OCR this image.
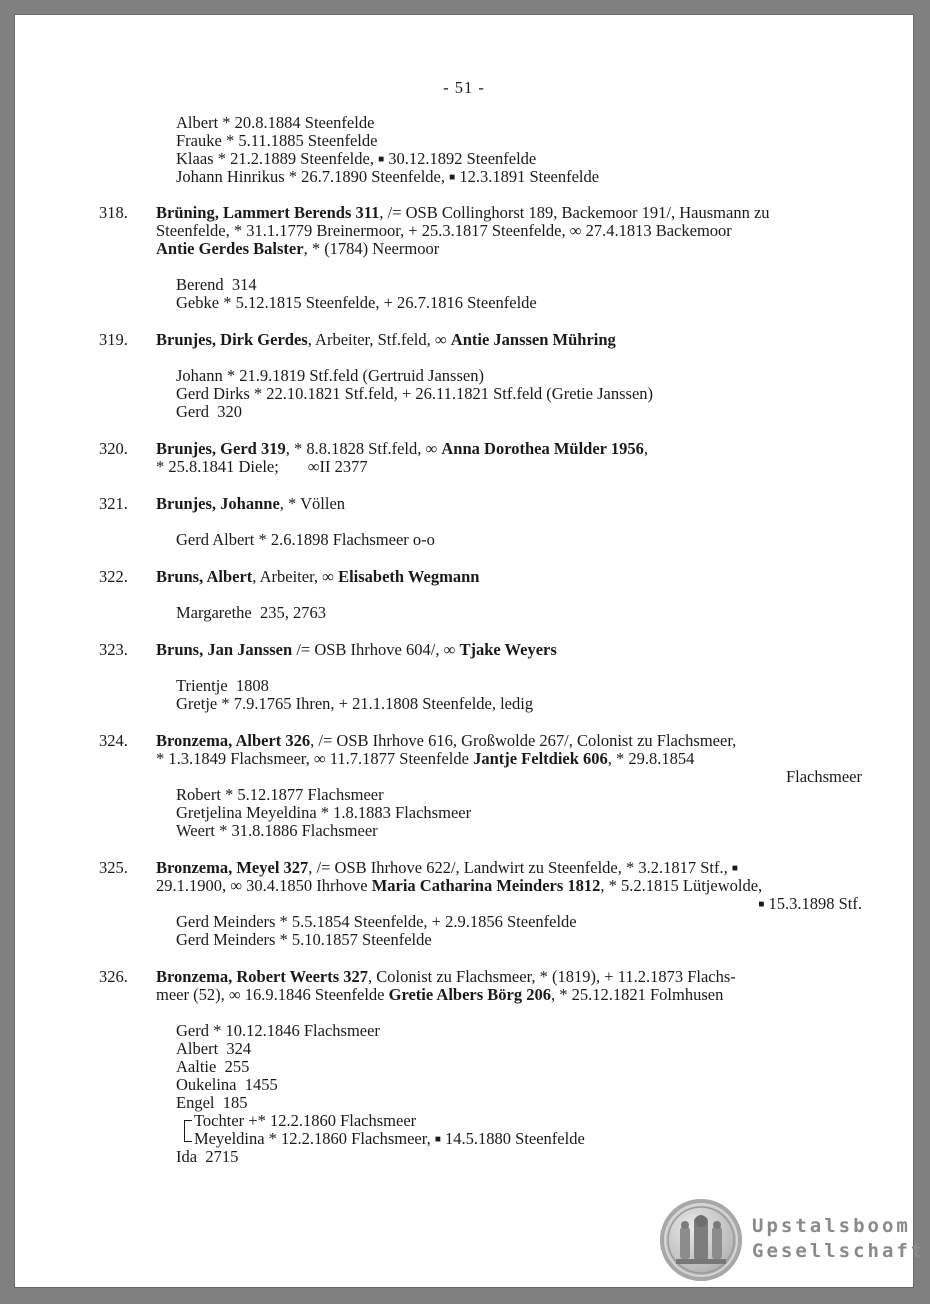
- 51 -
Albert * 20.8.1884 Steenfelde
Frauke * 5.11.1885 Steenfelde
Klaas * 21.2.1889 Steenfelde, ■ 30.12.1892 Steenfelde
Johann Hinrikus * 26.7.1890 Steenfelde, ■ 12.3.1891 Steenfelde
318. Brüning, Lammert Berends 311, /= OSB Collinghorst 189, Backemoor 191/, Hausmann zu
Steenfelde, * 31.1.1779 Breinermoor, + 25.3.1817 Steenfelde, ∞ 27.4.1813 Backemoor
Antie Gerdes Balster, * (1784) Neermoor
Berend  314
Gebke * 5.12.1815 Steenfelde, + 26.7.1816 Steenfelde
319. Brunjes, Dirk Gerdes, Arbeiter, Stf.feld, ∞ Antie Janssen Mühring
Johann * 21.9.1819 Stf.feld (Gertruid Janssen)
Gerd Dirks * 22.10.1821 Stf.feld, + 26.11.1821 Stf.feld (Gretie Janssen)
Gerd  320
320. Brunjes, Gerd 319, * 8.8.1828 Stf.feld, ∞ Anna Dorothea Mülder 1956,
* 25.8.1841 Diele;       ∞II 2377
321. Brunjes, Johanne, * Völlen
Gerd Albert * 2.6.1898 Flachsmeer o-o
322. Bruns, Albert, Arbeiter, ∞ Elisabeth Wegmann
Margarethe  235, 2763
323. Bruns, Jan Janssen /= OSB Ihrhove 604/, ∞ Tjake Weyers
Trientje  1808
Gretje * 7.9.1765 Ihren, + 21.1.1808 Steenfelde, ledig
324. Bronzema, Albert 326, /= OSB Ihrhove 616, Großwolde 267/, Colonist zu Flachsmeer,
* 1.3.1849 Flachsmeer, ∞ 11.7.1877 Steenfelde Jantje Feltdiek 606, * 29.8.1854
Flachsmeer
Robert * 5.12.1877 Flachsmeer
Gretjelina Meyeldina * 1.8.1883 Flachsmeer
Weert * 31.8.1886 Flachsmeer
325. Bronzema, Meyel 327, /= OSB Ihrhove 622/, Landwirt zu Steenfelde, * 3.2.1817 Stf., ■
29.1.1900, ∞ 30.4.1850 Ihrhove Maria Catharina Meinders 1812, * 5.2.1815 Lütjewolde,
■ 15.3.1898 Stf.
Gerd Meinders * 5.5.1854 Steenfelde, + 2.9.1856 Steenfelde
Gerd Meinders * 5.10.1857 Steenfelde
326. Bronzema, Robert Weerts 327, Colonist zu Flachsmeer, * (1819), + 11.2.1873 Flachs-
meer (52), ∞ 16.9.1846 Steenfelde Gretie Albers Börg 206, * 25.12.1821 Folmhusen
Gerd * 10.12.1846 Flachsmeer
Albert  324
Aaltie  255
Oukelina  1455
Engel  185
Tochter +* 12.2.1860 Flachsmeer
Meyeldina * 12.2.1860 Flachsmeer, ■ 14.5.1880 Steenfelde
Ida  2715
Upstalsboom
Gesellschaft
